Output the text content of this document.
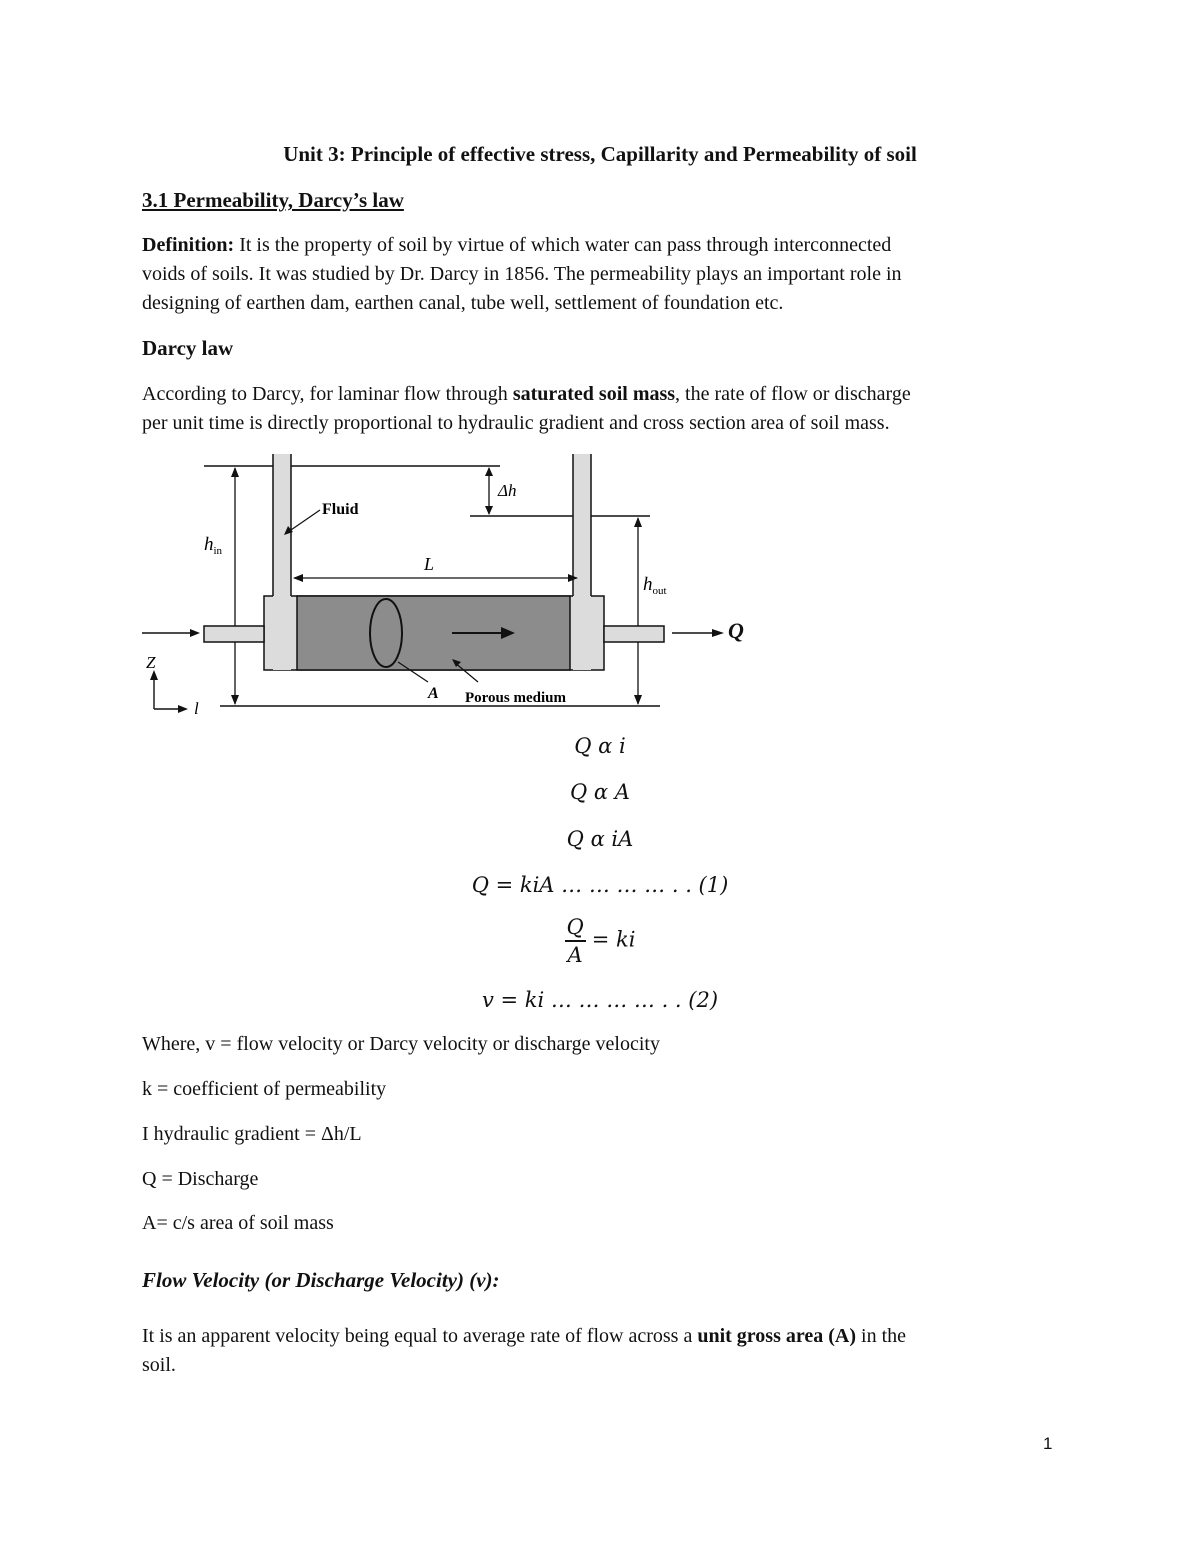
Unit 3: Principle of effective stress, Capillarity and Permeability of soil
3.1 Permeability, Darcy’s law
Definition: It is the property of soil by virtue of which water can pass through interconnected
voids of soils. It was studied by Dr. Darcy in 1856. The permeability plays an important role in
designing of earthen dam, earthen canal, tube well, settlement of foundation etc.
Darcy law
According to Darcy, for laminar flow through saturated soil mass, the rate of flow or discharge
per unit time is directly proportional to hydraulic gradient and cross section area of soil mass.
Fluid
Δh
$h_{in}$
$h_{out}$
L
A Porous medium
Z
l
Q
Q α i
Q α A
Q α iA
Q = kiA … … … … . . (1)
$\frac{Q}{A}$ = ki
v = ki … … … … . . (2)
Where, v = flow velocity or Darcy velocity or discharge velocity
k = coefficient of permeability
I hydraulic gradient = Δh/L
Q = Discharge
A= c/s area of soil mass
Flow Velocity (or Discharge Velocity) (v):
It is an apparent velocity being equal to average rate of flow across a unit gross area (A) in the
soil.
1
